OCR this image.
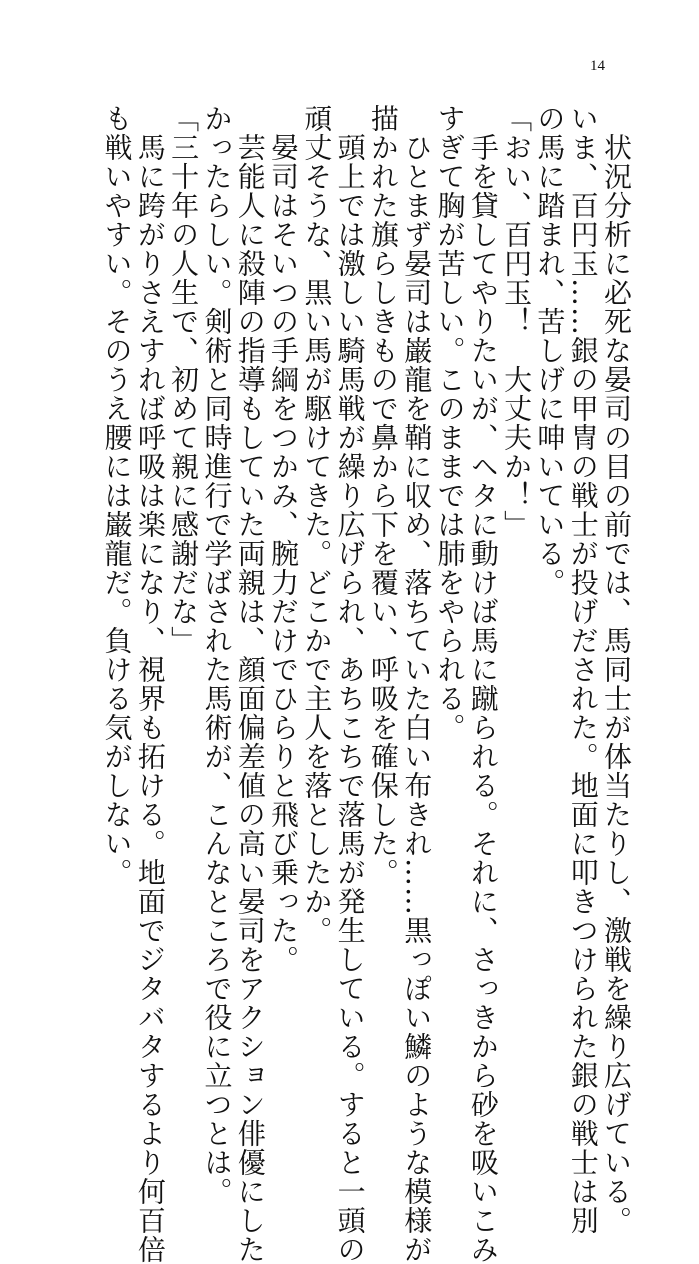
14
　状況分析に必死な晏司の目の前では、馬同士が体当たりし、激戦を繰り広げている。
いま、百円玉……銀の甲冑の戦士が投げだされた。地面に叩きつけられた銀の戦士は別
の馬に踏まれ、苦しげに呻いている。
「おい、百円玉！　大丈夫か！」
　手を貸してやりたいが、ヘタに動けば馬に蹴られる。それに、さっきから砂を吸いこみ
すぎて胸が苦しい。このままでは肺をやられる。
　ひとまず晏司は巌龍を鞘に収め、落ちていた白い布きれ……黒っぽい鱗のような模様が
描かれた旗らしきもので鼻から下を覆い、呼吸を確保した。
　頭上では激しい騎馬戦が繰り広げられ、あちこちで落馬が発生している。すると一頭の
頑丈そうな、黒い馬が駆けてきた。どこかで主人を落としたか。
　晏司はそいつの手綱をつかみ、腕力だけでひらりと飛び乗った。
　芸能人に殺陣の指導もしていた両親は、顔面偏差値の高い晏司をアクション俳優にした
かったらしい。剣術と同時進行で学ばされた馬術が、こんなところで役に立つとは。
「三十年の人生で、初めて親に感謝だな」
　馬に跨がりさえすれば呼吸は楽になり、視界も拓ける。地面でジタバタするより何百倍
も戦いやすい。そのうえ腰には巌龍だ。負ける気がしない。
